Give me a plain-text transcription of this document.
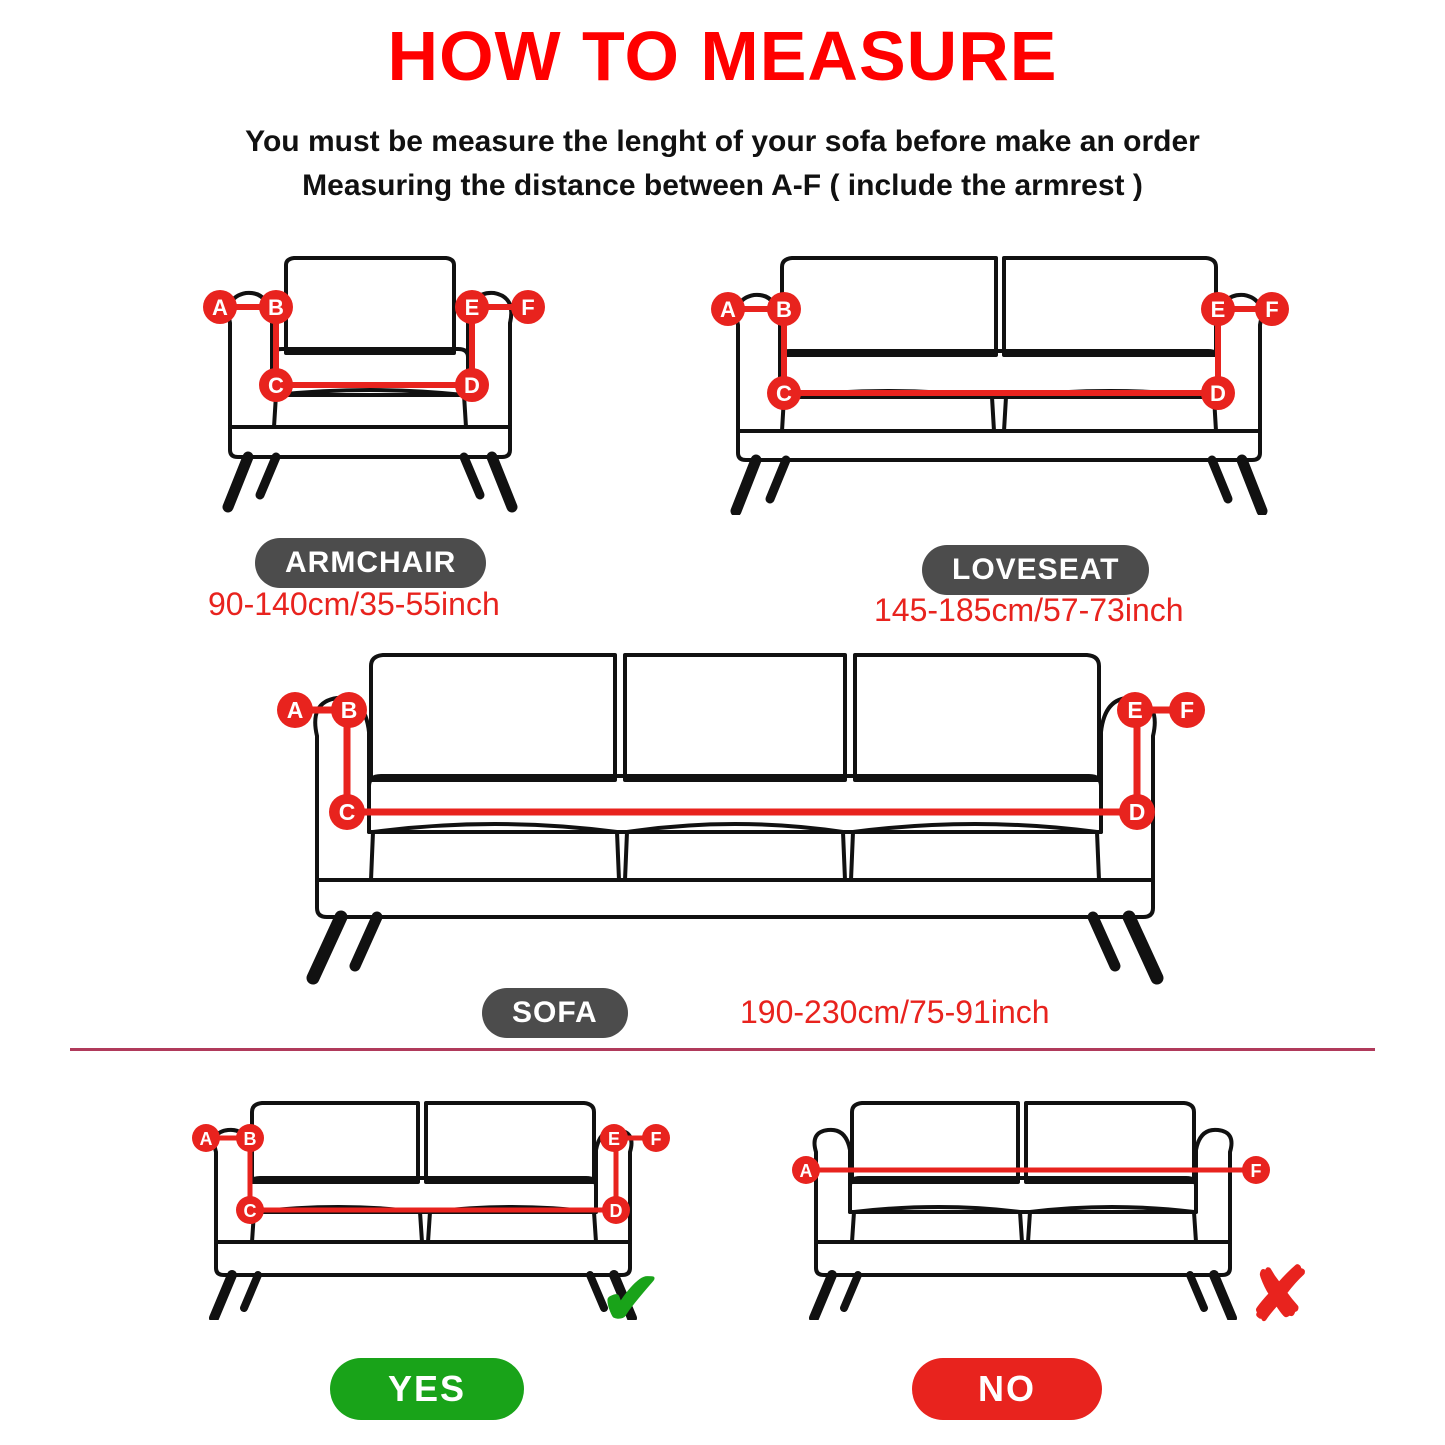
HOW TO MEASURE
You must be measure the lenght of your sofa before make an order
Measuring the distance between A-F ( include the armrest )
A B
C	D
E F
ARMCHAIR
90-140cm/35-55inch
A B
C	D
E F
LOVESEAT
145-185cm/57-73inch
A B
C	D
E F
SOFA	190-230cm/75-91inch
A B
C	D
E F
✔
YES
A	F
✘
NO
